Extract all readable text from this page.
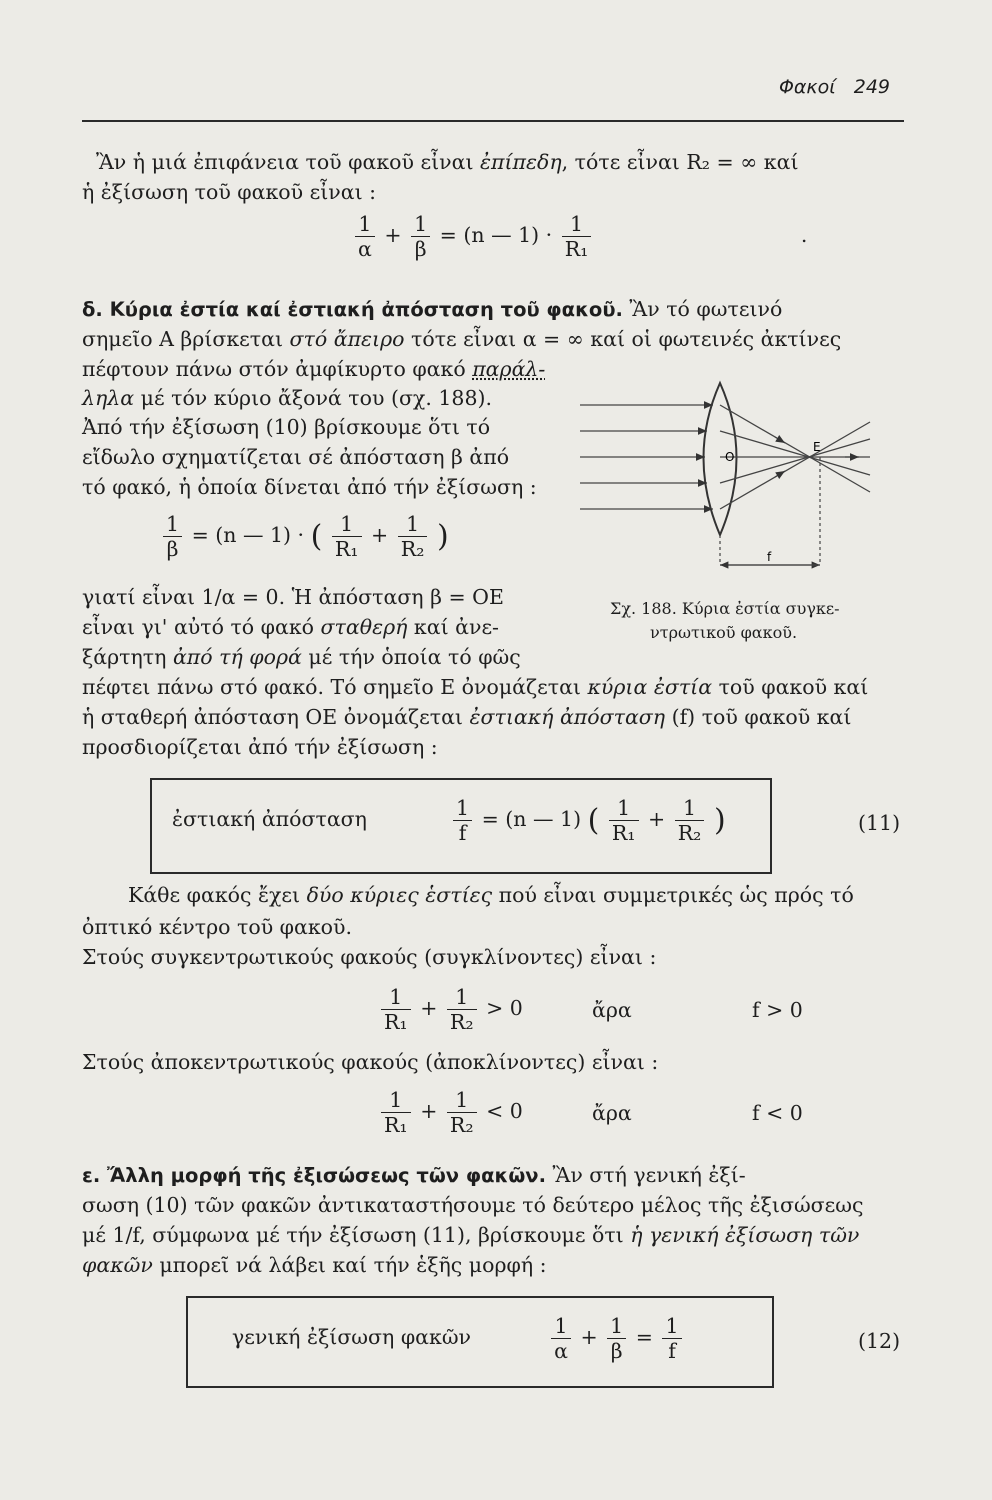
Φακοί 249
Ἂν ἡ μιά ἐπιφάνεια τοῦ φακοῦ εἶναι ἐπίπεδη, τότε εἶναι R₂ = ∞ καί
ἡ ἐξίσωση τοῦ φακοῦ εἶναι :
$\frac{1}{\alpha} + \frac{1}{\beta} = (n$ — $1) \cdot \frac{1}{\text{R₁}}$	.
δ. Κύρια ἐστία καί ἐστιακή ἀπόσταση τοῦ φακοῦ. Ἂν τό φωτεινό
σημεῖο Α βρίσκεται στό ἄπειρο τότε εἶναι α = ∞ καί οἱ φωτεινές ἀκτίνες
πέφτουν πάνω στόν ἀμφίκυρτο φακό παράλ-
ληλα μέ τόν κύριο ἄξονά του (σχ. 188).
Ἀπό τήν ἐξίσωση (10) βρίσκουμε ὅτι τό
εἴδωλο σχηματίζεται σέ ἀπόσταση β ἀπό
τό φακό, ἡ ὁποία δίνεται ἀπό τήν ἐξίσωση :
$\frac{1}{\beta} = (n$ — 1) · ( $\frac{1}{\text{R₁}} + \frac{1}{\text{R₂}}$ )
Ο
Ε
f
Σχ. 188. Κύρια ἐστία συγκε-
ντρωτικοῦ φακοῦ.
γιατί εἶναι 1/α = 0. Ἡ ἀπόσταση β = ΟΕ
εἶναι γι' αὐτό τό φακό σταθερή καί ἀνε-
ξάρτητη ἀπό τή φορά μέ τήν ὁποία τό φῶς
πέφτει πάνω στό φακό. Τό σημεῖο Ε ὀνομάζεται κύρια ἐστία τοῦ φακοῦ καί
ἡ σταθερή ἀπόσταση ΟΕ ὀνομάζεται ἐστιακή ἀπόσταση (f) τοῦ φακοῦ καί
προσδιορίζεται ἀπό τήν ἐξίσωση :
ἐστιακή ἀπόσταση	$\frac{1}{f} = (n$ — 1) ( $\frac{1}{\text{R₁}} + \frac{1}{\text{R₂}}$ )	(11)
Κάθε φακός ἔχει δύο κύριες ἑστίες πού εἶναι συμμετρικές ὡς πρός τό
ὀπτικό κέντρο τοῦ φακοῦ.
Στούς συγκεντρωτικούς φακούς (συγκλίνοντες) εἶναι :
$\frac{1}{\text{R₁}} + \frac{1}{\text{R₂}} > 0$	ἄρα	f > 0
Στούς ἀποκεντρωτικούς φακούς (ἀποκλίνοντες) εἶναι :
$\frac{1}{\text{R₁}} + \frac{1}{\text{R₂}} < 0$	ἄρα	f < 0
ε. Ἄλλη μορφή τῆς ἐξισώσεως τῶν φακῶν. Ἂν στή γενική ἐξί-
σωση (10) τῶν φακῶν ἀντικαταστήσουμε τό δεύτερο μέλος τῆς ἐξισώσεως
μέ 1/f, σύμφωνα μέ τήν ἐξίσωση (11), βρίσκουμε ὅτι ἡ γενική ἐξίσωση τῶν
φακῶν μπορεῖ νά λάβει καί τήν ἑξῆς μορφή :
γενική ἐξίσωση φακῶν	$\frac{1}{\alpha} + \frac{1}{\beta} = \frac{1}{f}$	(12)
